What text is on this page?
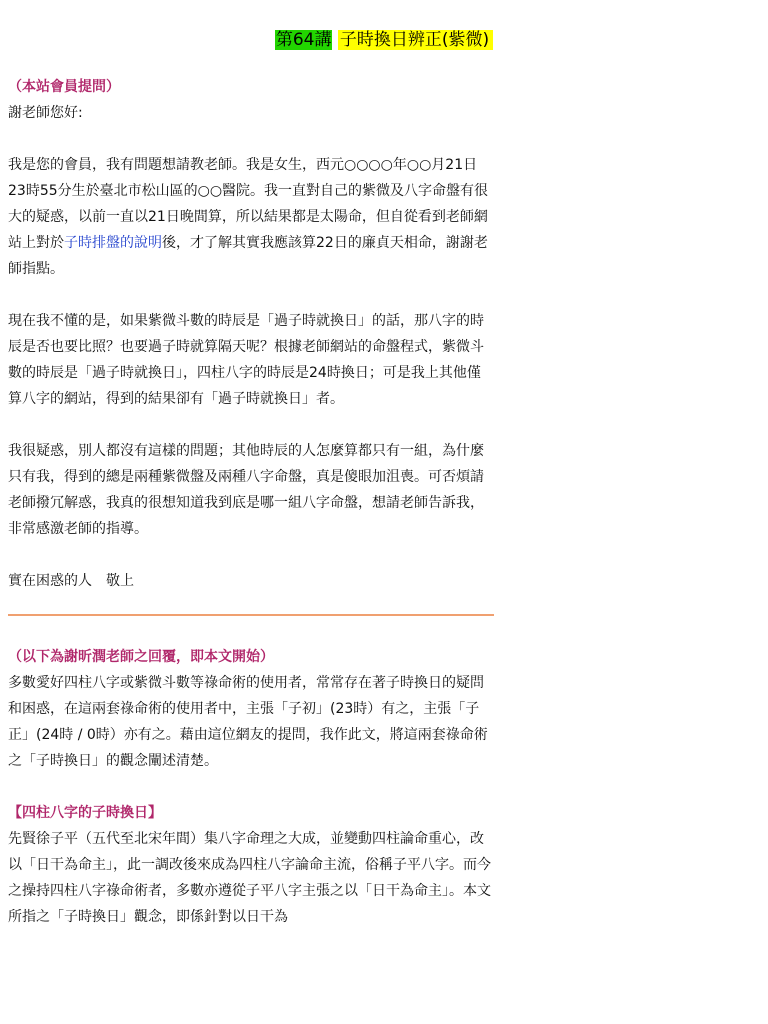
第64講 子時換日辨正(紫微)

（本站會員提問）

謝老師您好:

我是您的會員，我有問題想請教老師。我是女生，西元○○○○年○○月21日23時55分生於臺北市松山區的○○醫院。我一直對自己的紫微及八字命盤有很大的疑惑，以前一直以21日晚間算，所以結果都是太陽命，但自從看到老師網站上對於子時排盤的說明後，才了解其實我應該算22日的廉貞天相命，謝謝老師指點。

現在我不懂的是，如果紫微斗數的時辰是「過子時就換日」的話，那八字的時辰是否也要比照？也要過子時就算隔天呢？根據老師網站的命盤程式，紫微斗數的時辰是「過子時就換日」，四柱八字的時辰是24時換日；可是我上其他僅算八字的網站，得到的結果卻有「過子時就換日」者。

我很疑惑，別人都沒有這樣的問題；其他時辰的人怎麼算都只有一組，為什麼只有我，得到的總是兩種紫微盤及兩種八字命盤，真是傻眼加沮喪。可否煩請老師撥冗解惑，我真的很想知道我到底是哪一組八字命盤，想請老師告訴我，非常感激老師的指導。

實在困惑的人　敬上

（以下為謝昕潤老師之回覆，即本文開始）

多數愛好四柱八字或紫微斗數等祿命術的使用者，常常存在著子時換日的疑問和困惑，在這兩套祿命術的使用者中，主張「子初」(23時）有之，主張「子正」(24時 / 0時）亦有之。藉由這位網友的提問，我作此文，將這兩套祿命術之「子時換日」的觀念闡述清楚。

【四柱八字的子時換日】

先賢徐子平（五代至北宋年間）集八字命理之大成，並變動四柱論命重心，改以「日干為命主」，此一調改後來成為四柱八字論命主流，俗稱子平八字。而今之操持四柱八字祿命術者，多數亦遵從子平八字主張之以「日干為命主」。本文所指之「子時換日」觀念，即係針對以日干為
